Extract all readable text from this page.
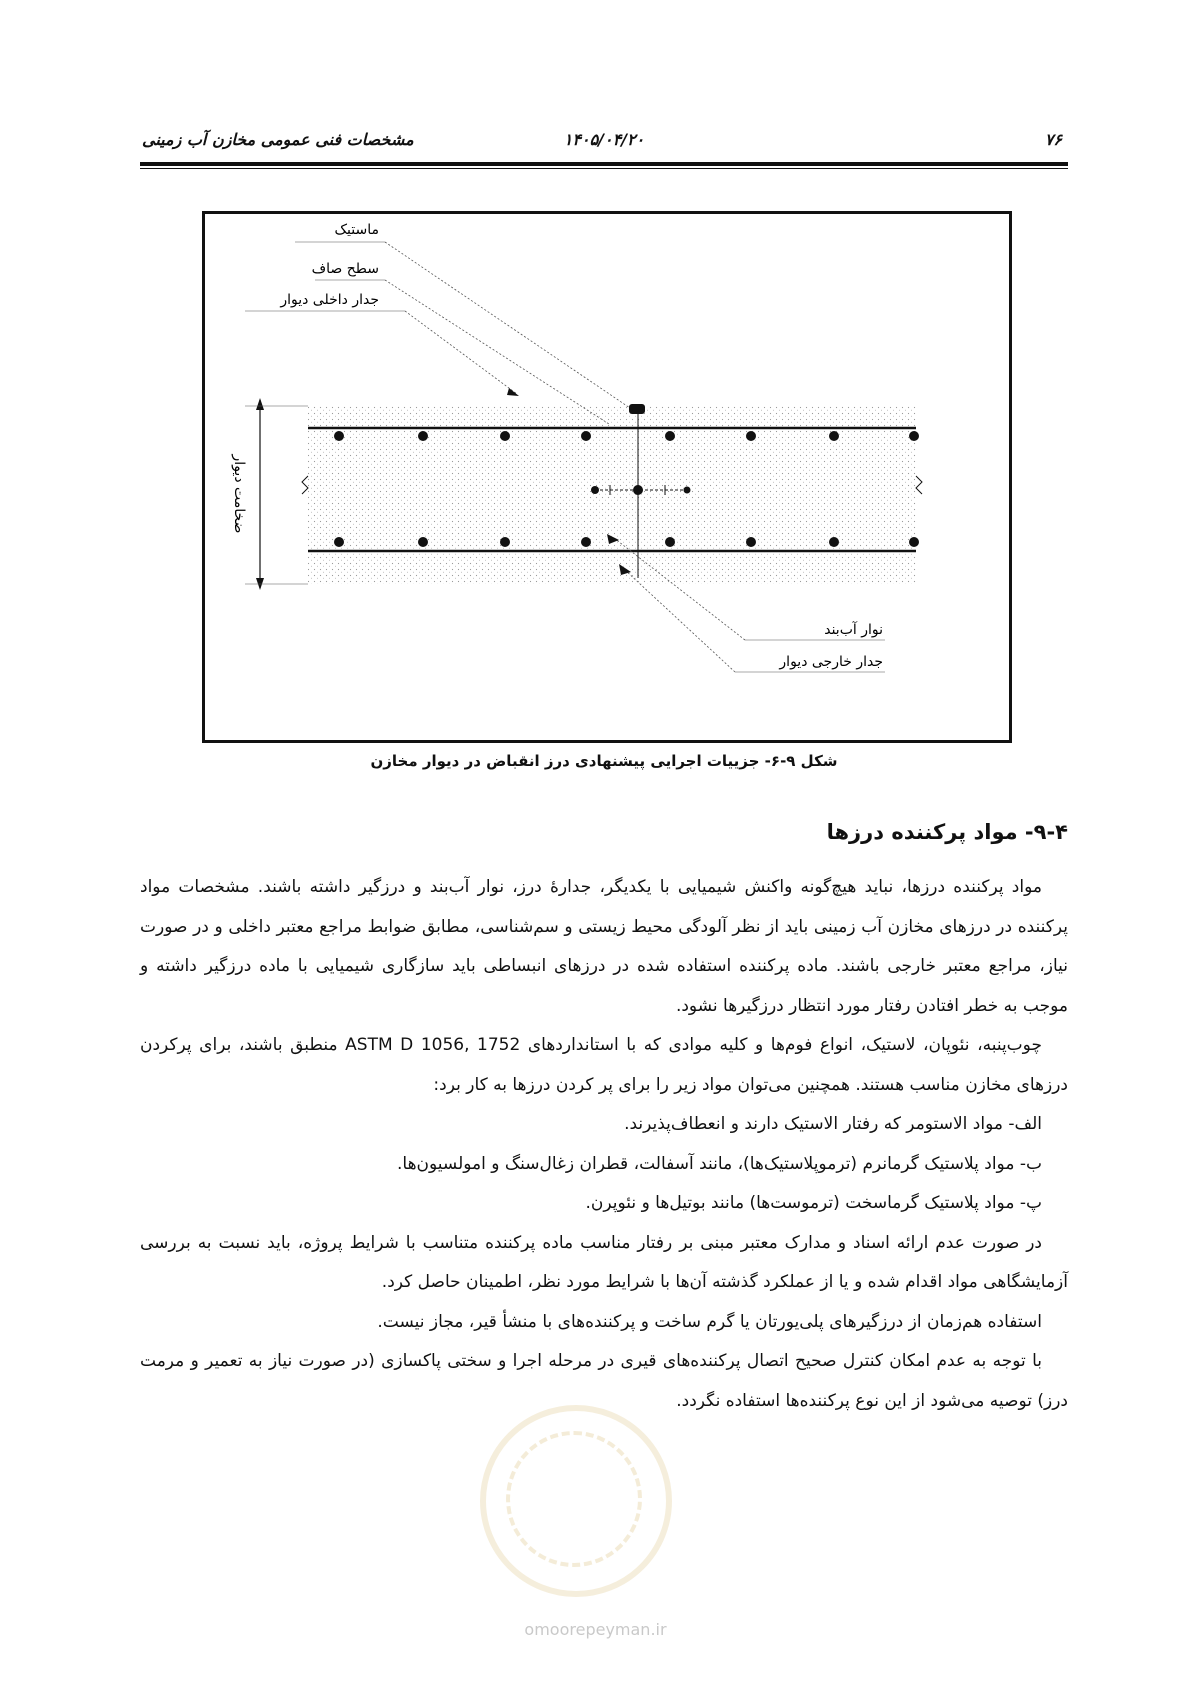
۷۶
۱۴۰۵/۰۴/۲۰
مشخصات فنی عمومی مخازن آب زمینی
ضخامت دیوار
ماستیک
سطح صاف
جدار داخلی دیوار
نوار آب‌بند
جدار خارجی دیوار
شکل ۹-۶- جزییات اجرایی پیشنهادی درز انقباض در دیوار مخازن
۹-۴- مواد پرکننده درزها

مواد پرکننده درزها، نباید هیچ‌گونه واکنش شیمیایی با یکدیگر، جدارهٔ درز، نوار آب‌بند و درزگیر داشته باشند. مشخصات مواد پرکننده در درزهای مخازن آب زمینی باید از نظر آلودگی محیط زیستی و سم‌شناسی، مطابق ضوابط مراجع معتبر داخلی و در صورت نیاز، مراجع معتبر خارجی باشند. ماده پرکننده استفاده شده در درزهای انبساطی باید سازگاری شیمیایی با ماده درزگیر داشته و موجب به خطر افتادن رفتار مورد انتظار درزگیرها نشود.

چوب‌پنبه، نئوپان، لاستیک، انواع فوم‌ها و کلیه موادی که با استانداردهای ASTM D 1056, 1752 منطبق باشند، برای پرکردن درزهای مخازن مناسب هستند. همچنین می‌توان مواد زیر را برای پر کردن درزها به کار برد:

الف- مواد الاستومر که رفتار الاستیک دارند و انعطاف‌پذیرند.

ب- مواد پلاستیک گرمانرم (ترموپلاستیک‌ها)، مانند آسفالت، قطران زغال‌سنگ و امولسیون‌ها.

پ- مواد پلاستیک گرماسخت (ترموست‌ها) مانند بوتیل‌ها و نئوپرن.

در صورت عدم ارائه اسناد و مدارک معتبر مبنی بر رفتار مناسب ماده پرکننده متناسب با شرایط پروژه، باید نسبت به بررسی آزمایشگاهی مواد اقدام شده و یا از عملکرد گذشته آن‌ها با شرایط مورد نظر، اطمینان حاصل کرد.

استفاده هم‌زمان از درزگیرهای پلی‌یورتان یا گرم ساخت و پرکننده‌های با منشأ قیر، مجاز نیست.

با توجه به عدم امکان کنترل صحیح اتصال پرکننده‌های قیری در مرحله اجرا و سختی پاکسازی (در صورت نیاز به تعمیر و مرمت درز) توصیه می‌شود از این نوع پرکننده‌ها استفاده نگردد.

omoorepeyman.ir
